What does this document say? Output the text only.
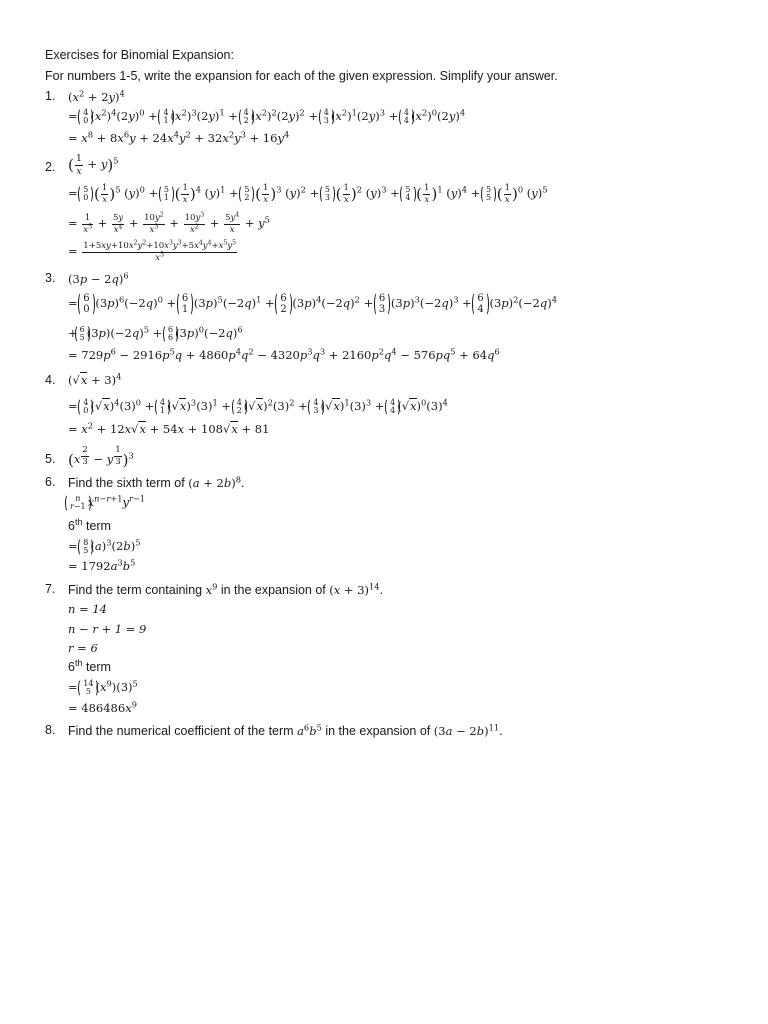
Exercises for Binomial Expansion:
For numbers 1-5, write the expansion for each of the given expression. Simplify your answer.
1. $(x^2 + 2y)^4$
= 4
0 $(x^2)^4(2y)^0 + 4$
1 $(x^2)^3(2y)^1 + 4$
2 $(x^2)^2(2y)^2 + 4$
3 $(x^2)^1(2y)^3 + 4$
4 $(x^2)^0(2y)^4$
= $x^8 + 8x^6y + 24x^4y^2 + 32x^2y^3 + 16y^4$
2. ( $\frac{1}{x} + y)^5$
= 5
0 ( $\frac{1}{x} )^5$ $(y)^0 + 5$
1 ( $\frac{1}{x} )^4$ $(y)^1 + 5$
2 ( $\frac{1}{x} )^3$ $(y)^2 + 5$
3 ( $\frac{1}{x} )^2$ $(y)^3 + 5$
4 ( $\frac{1}{x} )^1$ $(y)^4 + 5$
5 ( $\frac{1}{x} )^0$ $(y)^5$
= $\frac{1}{x^5} + \frac{5y}{x^4} + \frac{10y^2}{x^3} + \frac{10y^3}{x^2} + \frac{5y^4}{x} + y^5$
= $\frac{1+5xy+10x^2y^2+10x^3y^3+5x^4y^4+x^5y^5}{x^5}$
3. $(3p - 2q)^6$
= 6
0 $(3p)^6(-2q)^0 + 6$
1 $(3p)^5(-2q)^1 + 6$
2 $(3p)^4(-2q)^2 + 6$
3 $(3p)^3(-2q)^3 + 6$
4 $(3p)^2(-2q)^4$
+ 6
5 $(3p)(-2q)^5 + 6$
6 $(3p)^0(-2q)^6$
= $729p^6 - 2916p^5q + 4860p^4q^2 - 4320p^3q^3 + 2160p^2q^4 - 576pq^5 + 64q^6$
4. $(√x + 3)^4$
= 4
0 $(√x)^4(3)^0 + 4$
1 $(√x)^3(3)^1 + 4$
2 $(√x)^2(3)^2 + 4$
3 $(√x)^1(3)^3 + 4$
4 $(√x)^0(3)^4$
= $x^2 + 12x√x + 54x + 108√x + 81$
5. (x $^{\frac{2}{3}}$ − y $^{\frac{1}{3}}$ )$^3$
6. Find the sixth term of $(a + 2b)^8$.
n
r−1 $x^{n-r+1}y^{r-1}$
6th term
= 8
5 $(a)^3(2b)^5$
= $1792a^3b^5$
7. Find the term containing $x^9$ in the expansion of $(x + 3)^{14}$.
n = 14
n − r + 1 = 9
r = 6
6th term
= 14
5 $(x^9)(3)^5$
= $486486x^9$
8. Find the numerical coefficient of the term $a^6b^5$ in the expansion of $(3a - 2b)^{11}$.
